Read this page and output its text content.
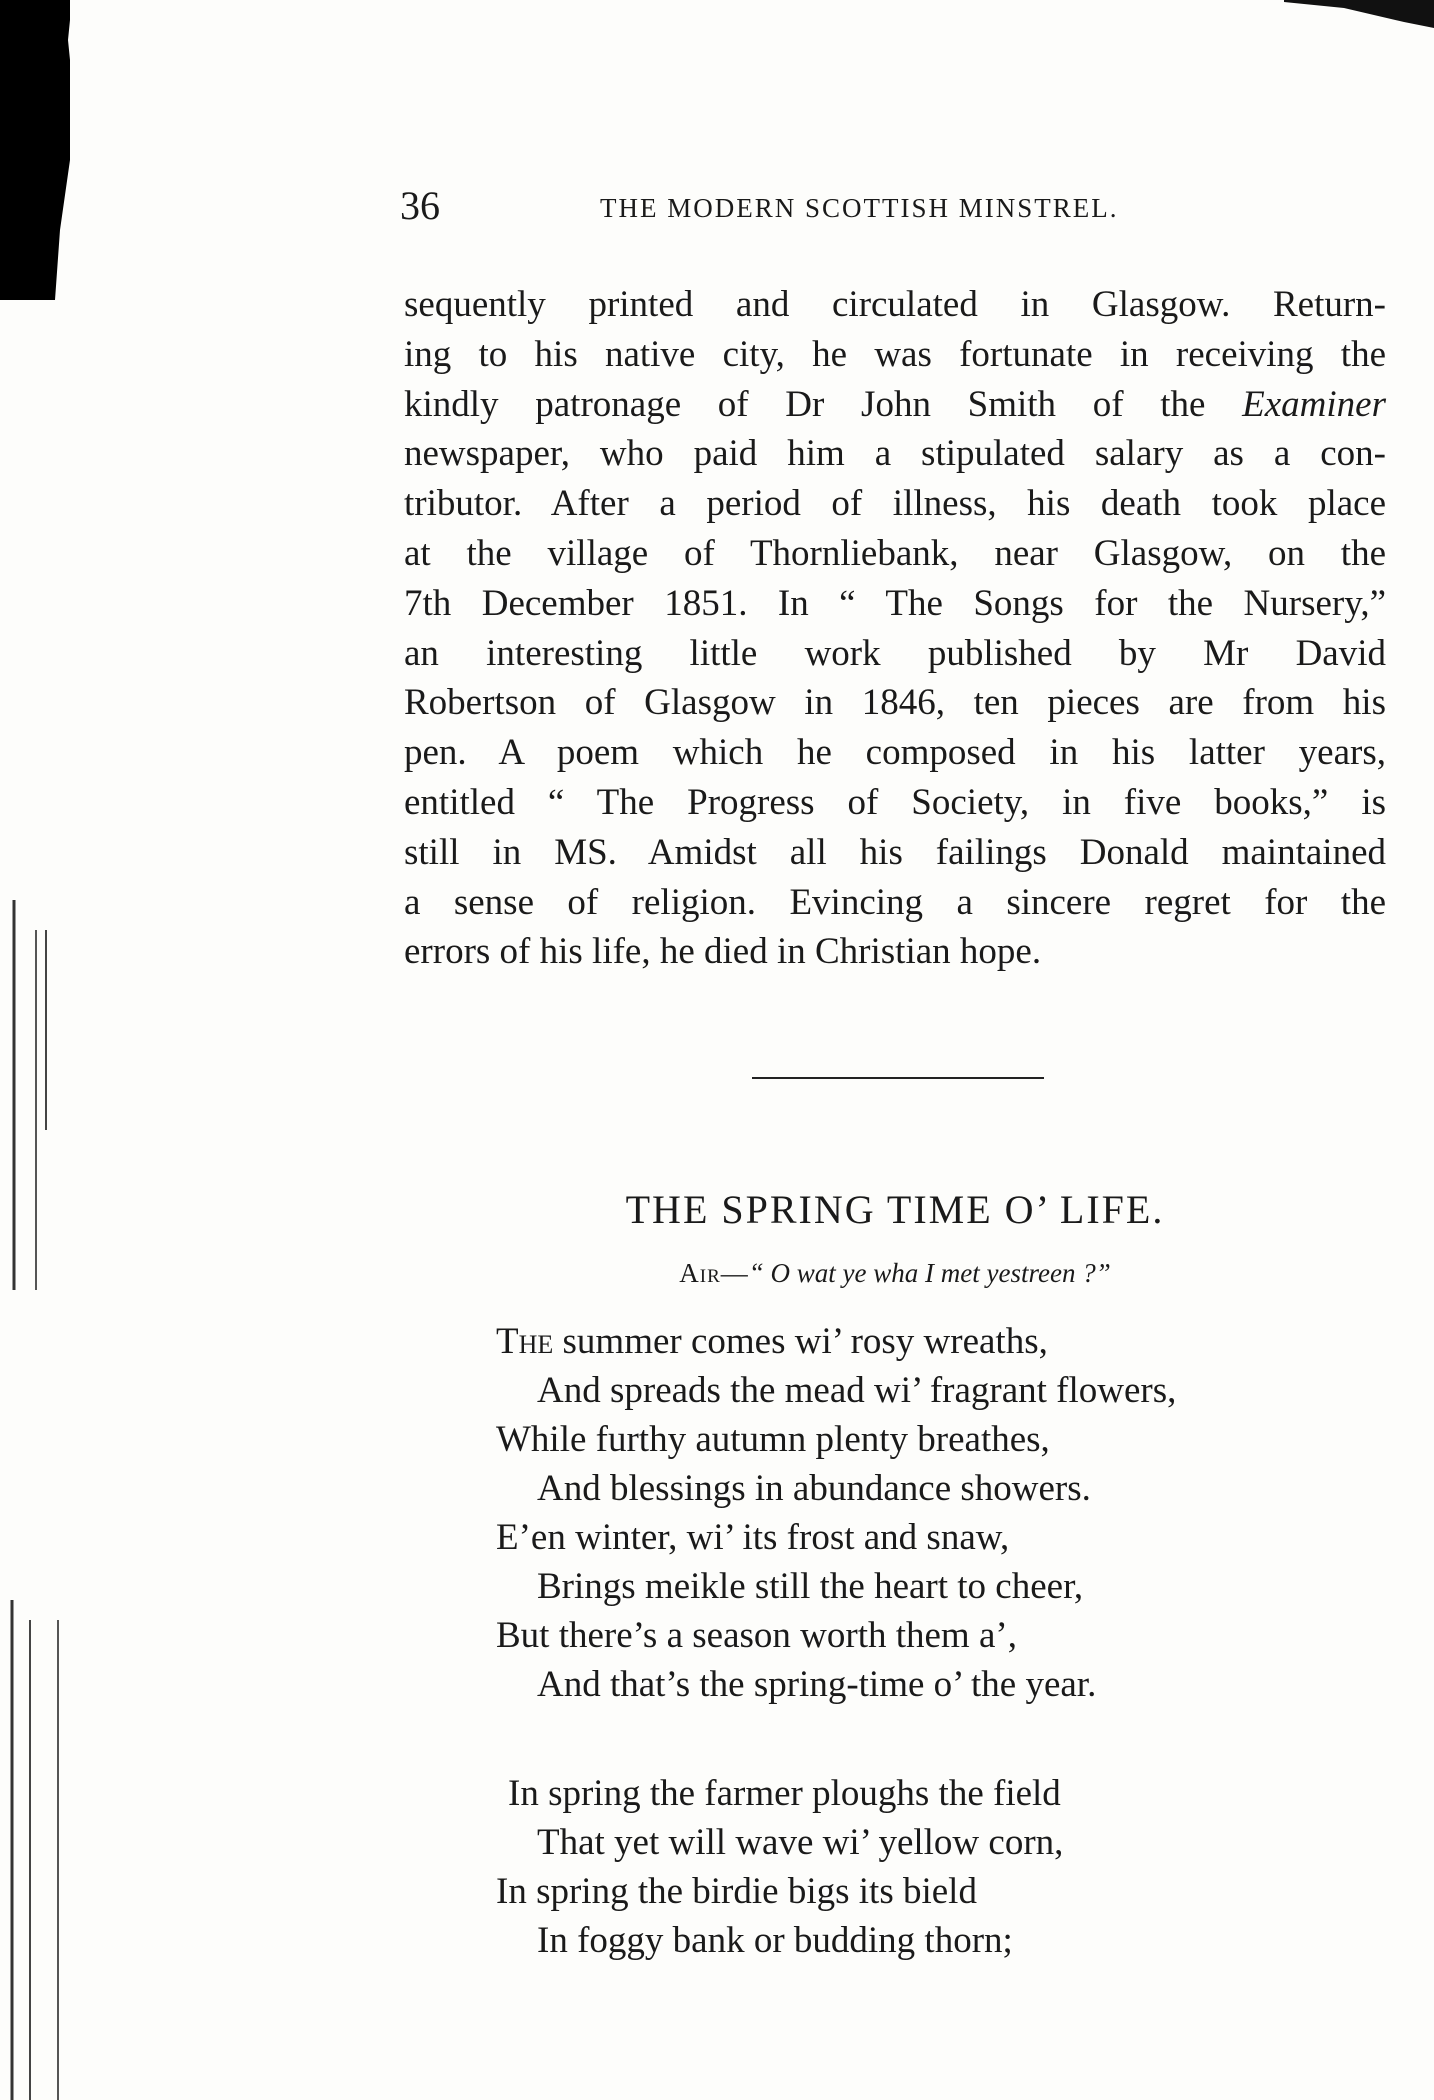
36	THE MODERN SCOTTISH MINSTREL.
sequently printed and circulated in Glasgow. Return-
ing to his native city, he was fortunate in receiving the
kindly patronage of Dr John Smith of the Examiner
newspaper, who paid him a stipulated salary as a con-
tributor. After a period of illness, his death took place
at the village of Thornliebank, near Glasgow, on the
7th December 1851. In “ The Songs for the Nursery,”
an interesting little work published by Mr David
Robertson of Glasgow in 1846, ten pieces are from his
pen. A poem which he composed in his latter years,
entitled “ The Progress of Society, in five books,” is
still in MS. Amidst all his failings Donald maintained
a sense of religion. Evincing a sincere regret for the
errors of his life, he died in Christian hope.
THE SPRING TIME O’ LIFE.
Air—“ O wat ye wha I met yestreen ?”
The summer comes wi’ rosy wreaths,
And spreads the mead wi’ fragrant flowers,
While furthy autumn plenty breathes,
And blessings in abundance showers.
E’en winter, wi’ its frost and snaw,
Brings meikle still the heart to cheer,
But there’s a season worth them a’,
And that’s the spring-time o’ the year.
In spring the farmer ploughs the field
That yet will wave wi’ yellow corn,
In spring the birdie bigs its bield
In foggy bank or budding thorn;
